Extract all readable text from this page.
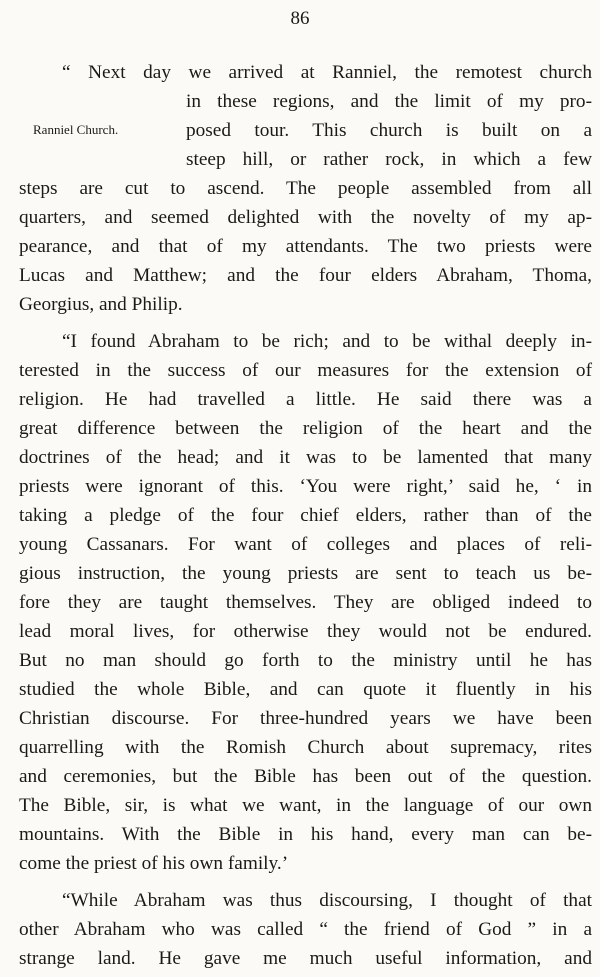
86
Ranniel Church.
“ Next day we arrived at Ranniel, the remotest church
in these regions, and the limit of my pro-
posed tour. This church is built on a
steep hill, or rather rock, in which a few
steps are cut to ascend. The people assembled from all
quarters, and seemed delighted with the novelty of my ap-
pearance, and that of my attendants. The two priests were
Lucas and Matthew; and the four elders Abraham, Thoma,
Georgius, and Philip.
“I found Abraham to be rich; and to be withal deeply in-
terested in the success of our measures for the extension of
religion. He had travelled a little. He said there was a
great difference between the religion of the heart and the
doctrines of the head; and it was to be lamented that many
priests were ignorant of this. ‘You were right,’ said he, ‘ in
taking a pledge of the four chief elders, rather than of the
young Cassanars. For want of colleges and places of reli-
gious instruction, the young priests are sent to teach us be-
fore they are taught themselves. They are obliged indeed to
lead moral lives, for otherwise they would not be endured.
But no man should go forth to the ministry until he has
studied the whole Bible, and can quote it fluently in his
Christian discourse. For three-hundred years we have been
quarrelling with the Romish Church about supremacy, rites
and ceremonies, but the Bible has been out of the question.
The Bible, sir, is what we want, in the language of our own
mountains. With the Bible in his hand, every man can be-
come the priest of his own family.’
“While Abraham was thus discoursing, I thought of that
other Abraham who was called “ the friend of God ” in a
strange land. He gave me much useful information, and
